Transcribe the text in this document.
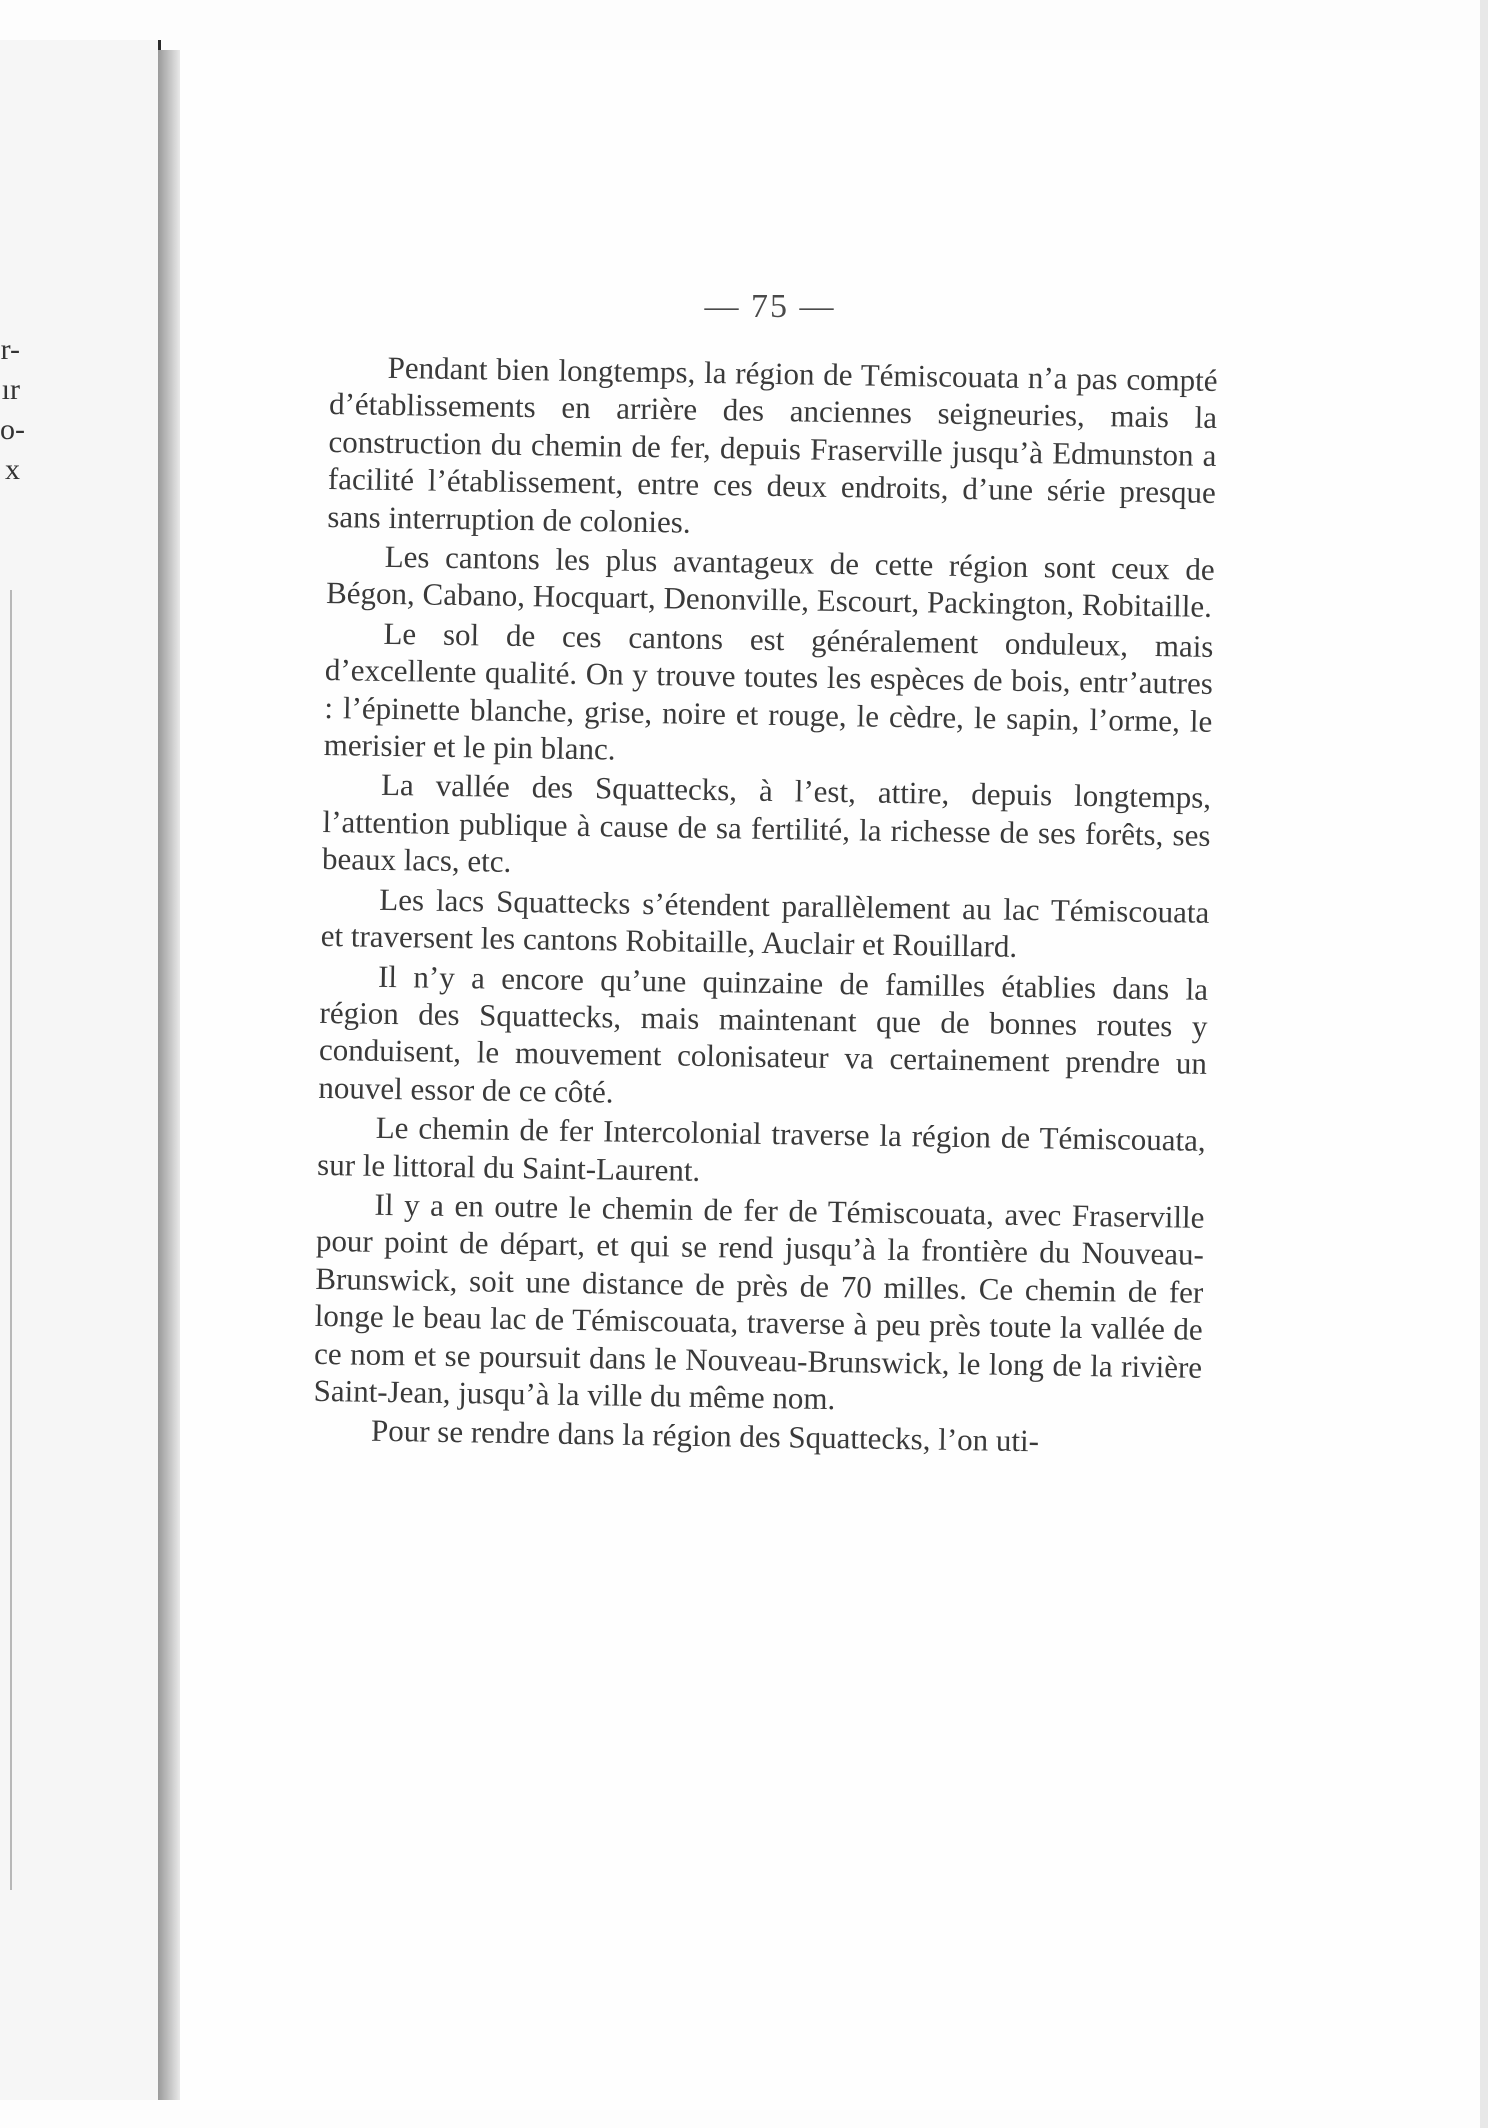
r-
ır
o-
x
— 75 —

Pendant bien longtemps, la région de Témiscouata n’a pas compté d’établissements en arrière des anciennes seigneuries, mais la construction du chemin de fer, depuis Fraserville jusqu’à Edmunston a facilité l’établissement, entre ces deux endroits, d’une série presque sans interruption de colonies.

Les cantons les plus avantageux de cette région sont ceux de Bégon, Cabano, Hocquart, Denonville, Escourt, Packington, Robitaille.

Le sol de ces cantons est généralement onduleux, mais d’excellente qualité. On y trouve toutes les espèces de bois, entr’autres : l’épinette blanche, grise, noire et rouge, le cèdre, le sapin, l’orme, le merisier et le pin blanc.

La vallée des Squattecks, à l’est, attire, depuis longtemps, l’attention publique à cause de sa fertilité, la richesse de ses forêts, ses beaux lacs, etc.

Les lacs Squattecks s’étendent parallèlement au lac Témiscouata et traversent les cantons Robitaille, Auclair et Rouillard.

Il n’y a encore qu’une quinzaine de familles établies dans la région des Squattecks, mais maintenant que de bonnes routes y conduisent, le mouvement colonisateur va certainement prendre un nouvel essor de ce côté.

Le chemin de fer Intercolonial traverse la région de Témiscouata, sur le littoral du Saint-Laurent.

Il y a en outre le chemin de fer de Témiscouata, avec Fraserville pour point de départ, et qui se rend jusqu’à la frontière du Nouveau-Brunswick, soit une distance de près de 70 milles. Ce chemin de fer longe le beau lac de Témiscouata, traverse à peu près toute la vallée de ce nom et se poursuit dans le Nouveau-Brunswick, le long de la rivière Saint-Jean, jusqu’à la ville du même nom.

Pour se rendre dans la région des Squattecks, l’on uti-
